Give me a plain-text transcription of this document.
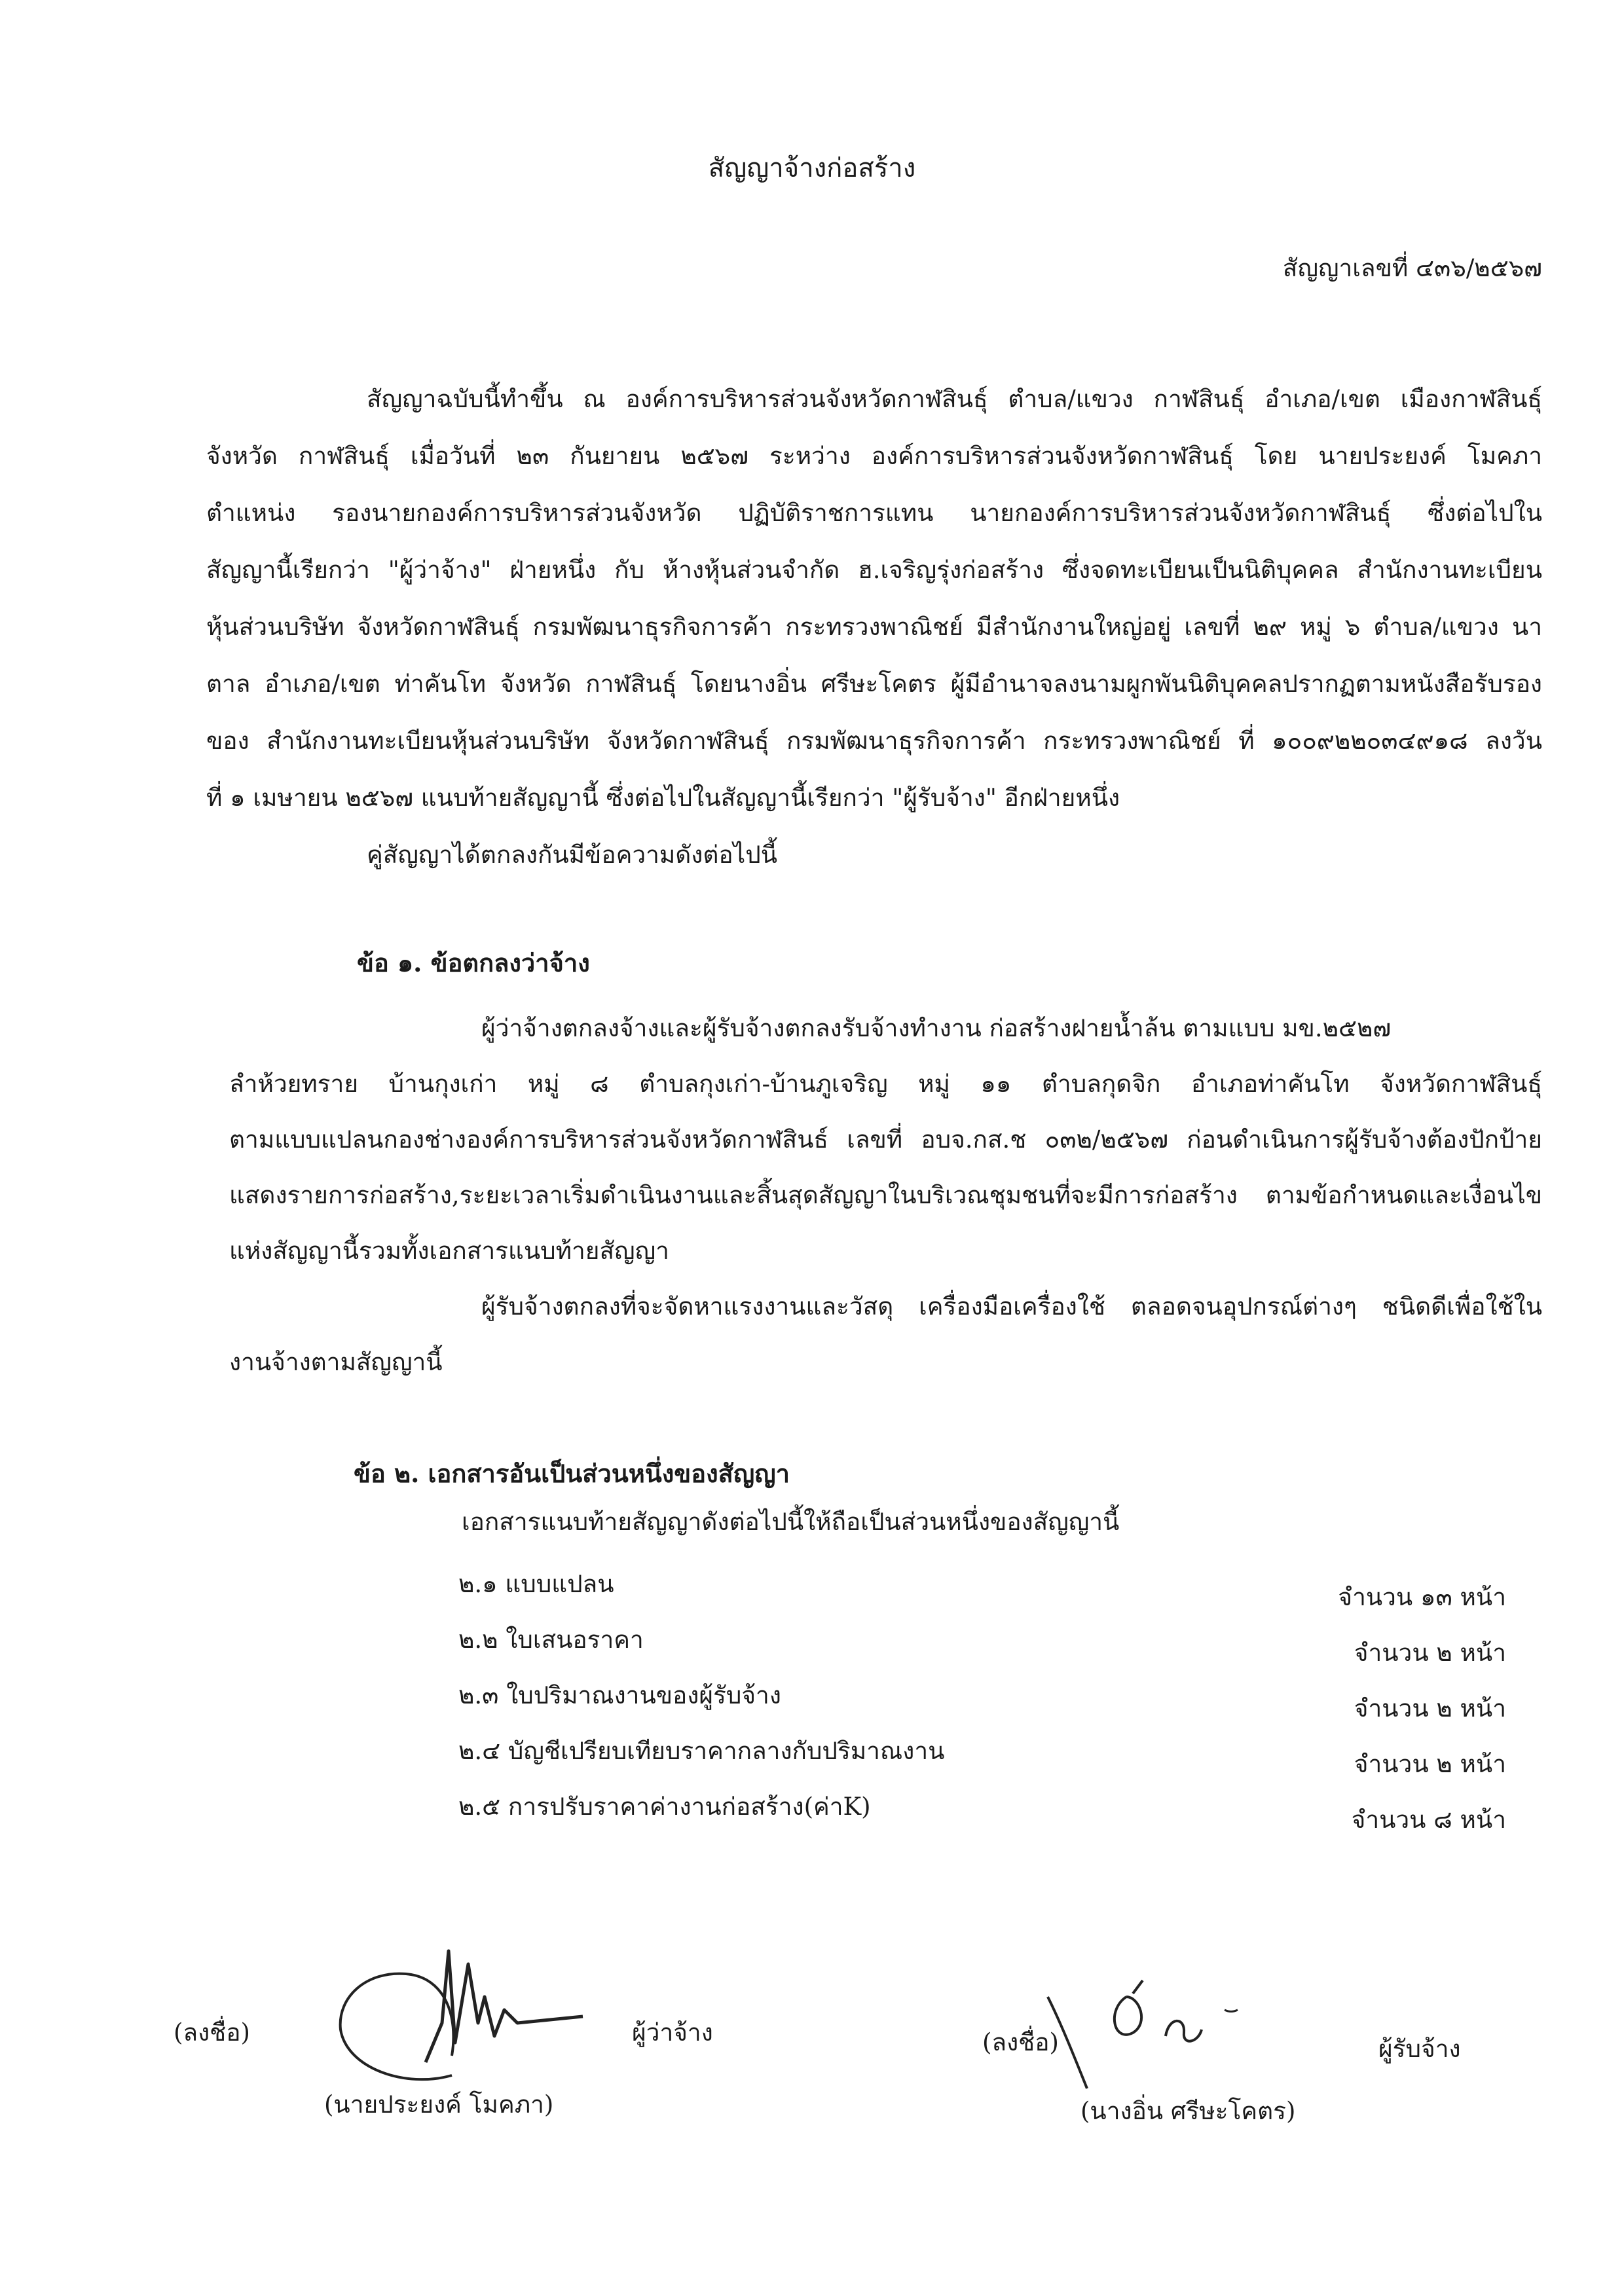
สัญญาจ้างก่อสร้าง
สัญญาเลขที่ ๔๓๖/๒๕๖๗
สัญญาฉบับนี้ทำขึ้น ณ องค์การบริหารส่วนจังหวัดกาฬสินธุ์ ตำบล/แขวง กาฬสินธุ์ อำเภอ/เขต เมืองกาฬสินธุ์
จังหวัด กาฬสินธุ์ เมื่อวันที่ ๒๓ กันยายน ๒๕๖๗ ระหว่าง องค์การบริหารส่วนจังหวัดกาฬสินธุ์ โดย นายประยงค์ โมคภา
ตำแหน่ง รองนายกองค์การบริหารส่วนจังหวัด ปฏิบัติราชการแทน นายกองค์การบริหารส่วนจังหวัดกาฬสินธุ์ ซึ่งต่อไปใน
สัญญานี้เรียกว่า "ผู้ว่าจ้าง" ฝ่ายหนึ่ง กับ ห้างหุ้นส่วนจำกัด ฮ.เจริญรุ่งก่อสร้าง ซึ่งจดทะเบียนเป็นนิติบุคคล สำนักงานทะเบียน
หุ้นส่วนบริษัท จังหวัดกาฬสินธุ์ กรมพัฒนาธุรกิจการค้า กระทรวงพาณิชย์ มีสำนักงานใหญ่อยู่ เลขที่ ๒๙ หมู่ ๖ ตำบล/แขวง นา
ตาล อำเภอ/เขต ท่าคันโท จังหวัด กาฬสินธุ์ โดยนางอิ่น ศรีษะโคตร ผู้มีอำนาจลงนามผูกพันนิติบุคคลปรากฏตามหนังสือรับรอง
ของ สำนักงานทะเบียนหุ้นส่วนบริษัท จังหวัดกาฬสินธุ์ กรมพัฒนาธุรกิจการค้า กระทรวงพาณิชย์ ที่ ๑๐๐๙๒๒๐๓๔๙๑๘ ลงวัน
ที่ ๑ เมษายน ๒๕๖๗ แนบท้ายสัญญานี้ ซึ่งต่อไปในสัญญานี้เรียกว่า "ผู้รับจ้าง" อีกฝ่ายหนึ่ง
คู่สัญญาได้ตกลงกันมีข้อความดังต่อไปนี้
ข้อ ๑. ข้อตกลงว่าจ้าง
ผู้ว่าจ้างตกลงจ้างและผู้รับจ้างตกลงรับจ้างทำงาน ก่อสร้างฝายน้ำล้น ตามแบบ มข.๒๕๒๗
ลำห้วยทราย บ้านกุงเก่า หมู่ ๘ ตำบลกุงเก่า-บ้านภูเจริญ หมู่ ๑๑ ตำบลกุดจิก อำเภอท่าคันโท จังหวัดกาฬสินธุ์
ตามแบบแปลนกองช่างองค์การบริหารส่วนจังหวัดกาฬสินธ์ เลขที่ อบจ.กส.ช ๐๓๒/๒๕๖๗ ก่อนดำเนินการผู้รับจ้างต้องปักป้าย
แสดงรายการก่อสร้าง,ระยะเวลาเริ่มดำเนินงานและสิ้นสุดสัญญาในบริเวณชุมชนที่จะมีการก่อสร้าง ตามข้อกำหนดและเงื่อนไข
แห่งสัญญานี้รวมทั้งเอกสารแนบท้ายสัญญา
ผู้รับจ้างตกลงที่จะจัดหาแรงงานและวัสดุ เครื่องมือเครื่องใช้ ตลอดจนอุปกรณ์ต่างๆ ชนิดดีเพื่อใช้ใน
งานจ้างตามสัญญานี้
ข้อ ๒. เอกสารอันเป็นส่วนหนึ่งของสัญญา
เอกสารแนบท้ายสัญญาดังต่อไปนี้ให้ถือเป็นส่วนหนึ่งของสัญญานี้
๒.๑ แบบแปลน	จำนวน ๑๓ หน้า
๒.๒ ใบเสนอราคา	จำนวน ๒ หน้า
๒.๓ ใบปริมาณงานของผู้รับจ้าง	จำนวน ๒ หน้า
๒.๔ บัญชีเปรียบเทียบราคากลางกับปริมาณงาน	จำนวน ๒ หน้า
๒.๕ การปรับราคาค่างานก่อสร้าง(ค่าK)	จำนวน ๘ หน้า
(ลงชื่อ)	ผู้ว่าจ้าง
(นายประยงค์ โมคภา)
(ลงชื่อ)	ผู้รับจ้าง
(นางอิ่น ศรีษะโคตร)
